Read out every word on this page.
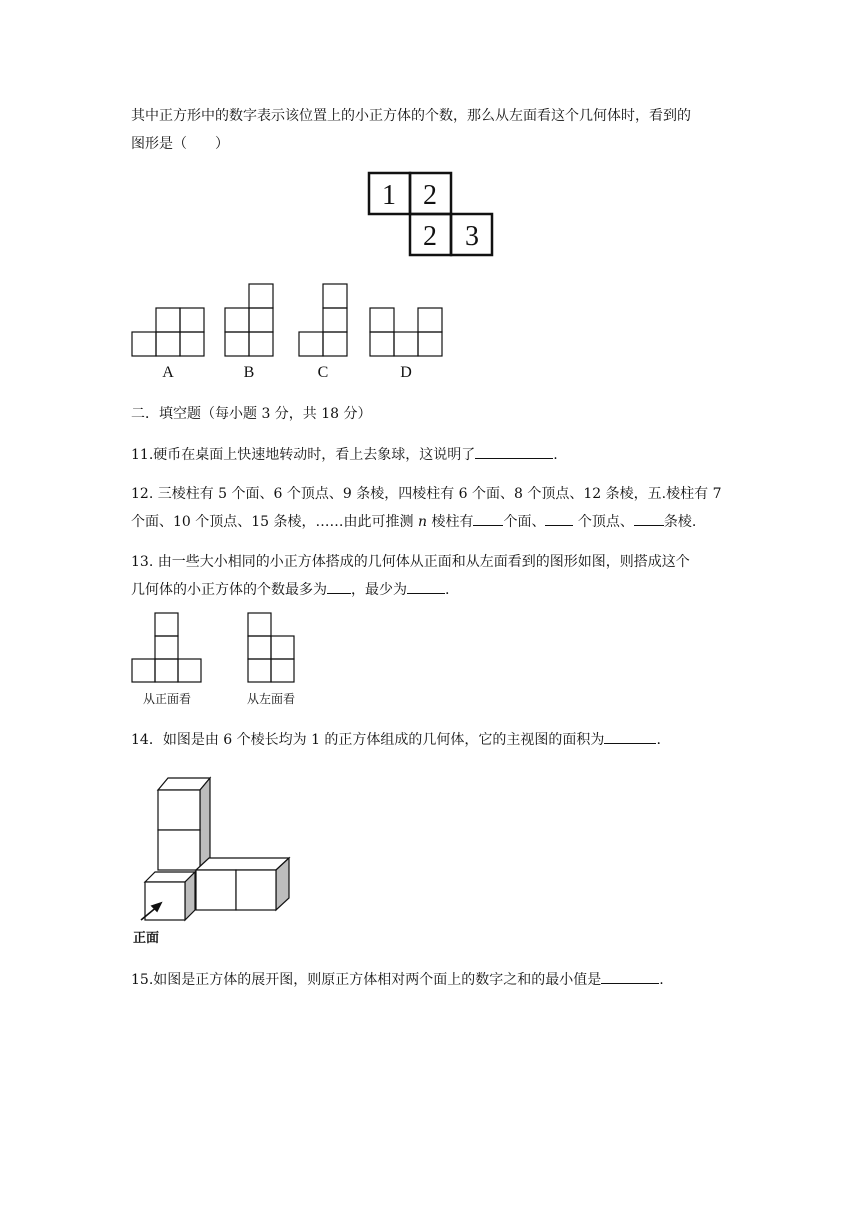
其中正方形中的数字表示该位置上的小正方体的个数，那么从左面看这个几何体时，看到的
图形是（　　）
1 2
2 3
A	B	C	D
二．填空题（每小题 3 分，共 18 分）
11.硬币在桌面上快速地转动时，看上去象球，这说明了	.
12. 三棱柱有 5 个面、6 个顶点、9 条棱，四棱柱有 6 个面、8 个顶点、12 条棱，五.棱柱有 7
个面、10 个顶点、15 条棱，……由此可推测 n 棱柱有 个面、 个顶点、 条棱.
13. 由一些大小相同的小正方体搭成的几何体从正面和从左面看到的图形如图，则搭成这个
几何体的小正方体的个数最多为 ，最少为	.
从正面看	从左面看
14．如图是由 6 个棱长均为 1 的正方体组成的几何体，它的主视图的面积为	.
正面
15.如图是正方体的展开图，则原正方体相对两个面上的数字之和的最小值是	.
